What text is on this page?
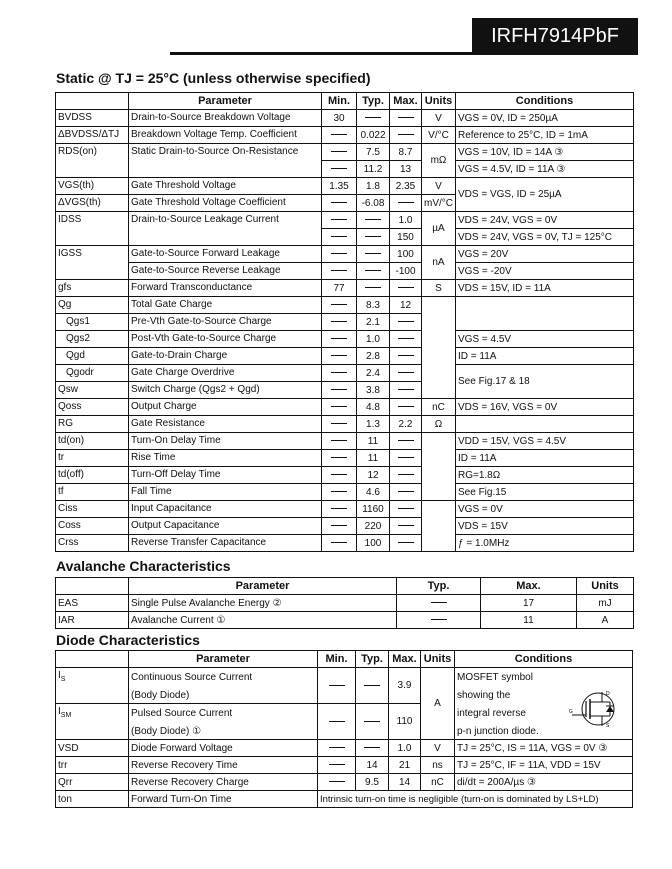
IRFH7914PbF
Static @ TJ = 25°C (unless otherwise specified)
	Parameter	Min.	Typ.	Max.	Units	Conditions
BVDSS	Drain-to-Source Breakdown Voltage	30			V	VGS = 0V, ID = 250µA
ΔBVDSS/ΔTJ	Breakdown Voltage Temp. Coefficient		0.022		V/°C	Reference to 25°C, ID = 1mA
RDS(on)	Static Drain-to-Source On-Resistance		7.5	8.7	mΩ	VGS = 10V, ID = 14A ③
			11.2	13		VGS = 4.5V, ID = 11A ③
VGS(th)	Gate Threshold Voltage	1.35	1.8	2.35	V	VDS = VGS, ID = 25µA
ΔVGS(th)	Gate Threshold Voltage Coefficient		-6.08		mV/°C	
IDSS	Drain-to-Source Leakage Current			1.0	µA	VDS = 24V, VGS = 0V
				150		VDS = 24V, VGS = 0V, TJ = 125°C
IGSS	Gate-to-Source Forward Leakage			100	nA	VGS = 20V
	Gate-to-Source Reverse Leakage			-100		VGS = -20V
gfs	Forward Transconductance	77			S	VDS = 15V, ID = 11A
Qg	Total Gate Charge		8.3	12		
Qgs1	Pre-Vth Gate-to-Source Charge		2.1			
Qgs2	Post-Vth Gate-to-Source Charge		1.0			VGS = 4.5V
Qgd	Gate-to-Drain Charge		2.8			ID = 11A
Qgodr	Gate Charge Overdrive		2.4			See Fig.17 & 18
Qsw	Switch Charge (Qgs2 + Qgd)		3.8			
Qoss	Output Charge		4.8		nC	VDS = 16V, VGS = 0V
RG	Gate Resistance		1.3	2.2	Ω	
td(on)	Turn-On Delay Time		11			VDD = 15V, VGS = 4.5V
tr	Rise Time		11			ID = 11A
td(off)	Turn-Off Delay Time		12			RG=1.8Ω
tf	Fall Time		4.6			See Fig.15
Ciss	Input Capacitance		1160			VGS = 0V
Coss	Output Capacitance		220			VDS = 15V
Crss	Reverse Transfer Capacitance		100			ƒ = 1.0MHz
Avalanche Characteristics
	Parameter	Typ.	Max.	Units
EAS	Single Pulse Avalanche Energy ②		17	mJ
IAR	Avalanche Current ①		11	A
Diode Characteristics
	Parameter	Min.	Typ.	Max.	Units	Conditions
$I_S$	Continuous Source Current			3.9	A	MOSFET symbol
	(Body Diode)					showing the
$I_{SM}$	Pulsed Source Current			110		integral reverse
	(Body Diode) ①					p-n junction diode.
VSD	Diode Forward Voltage			1.0	V	TJ = 25°C, IS = 11A, VGS = 0V ③
trr	Reverse Recovery Time		14	21	ns	TJ = 25°C, IF = 11A, VDD = 15V
Qrr	Reverse Recovery Charge		9.5	14	nC	di/dt = 200A/µs ③
ton	Forward Turn-On Time	Intrinsic turn-on time is negligible (turn-on is dominated by LS+LD)				
D
G
S
